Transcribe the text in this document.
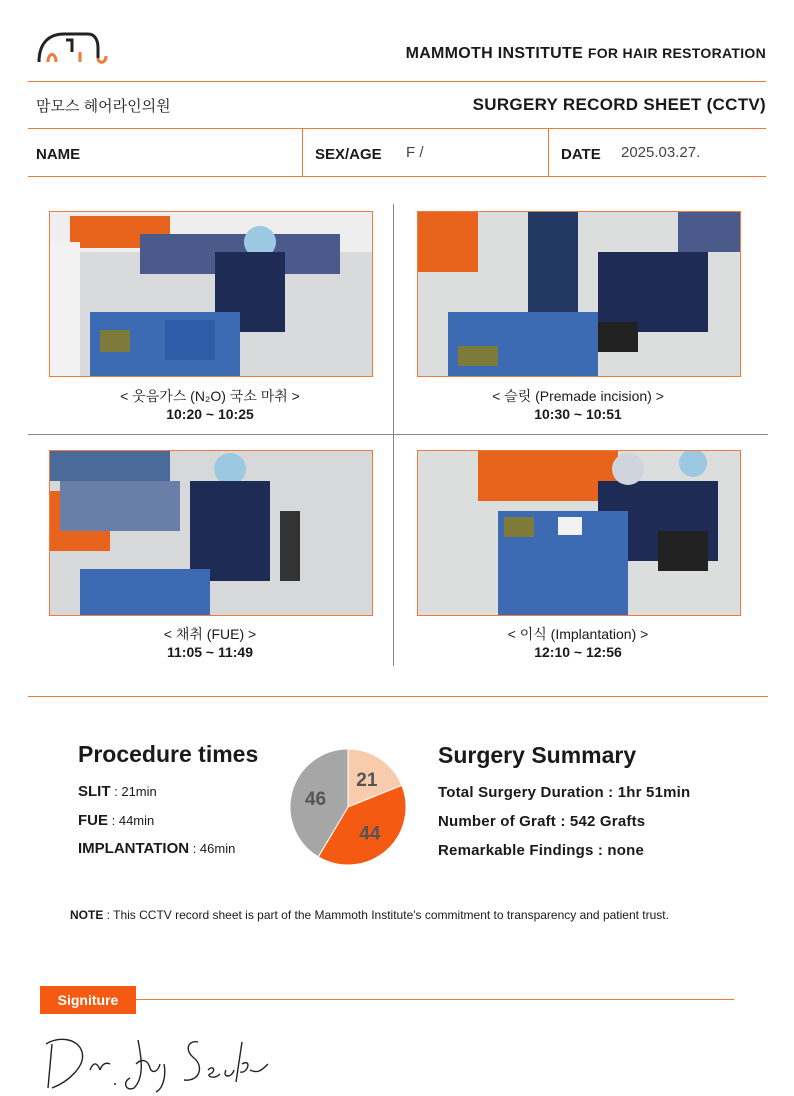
MAMMOTH INSTITUTE FOR HAIR RESTORATION
맘모스 헤어라인의원	SURGERY RECORD SHEET (CCTV)
NAME	SEX/AGE F /	DATE 2025.03.27.
< 웃음가스 (N₂O) 국소 마취 >
10:20 ~ 10:25
< 슬릿 (Premade incision) >
10:30 ~ 10:51
< 채취 (FUE) >
11:05 ~ 11:49
< 이식 (Implantation) >
12:10 ~ 12:56
Procedure times
SLIT : 21min
FUE : 44min
IMPLANTATION : 46min
21
44
46
Surgery Summary
Total Surgery Duration : 1hr 51min
Number of Graft : 542 Grafts
Remarkable Findings : none
NOTE : This CCTV record sheet is part of the Mammoth Institute's commitment to transparency and patient trust.
Signiture
